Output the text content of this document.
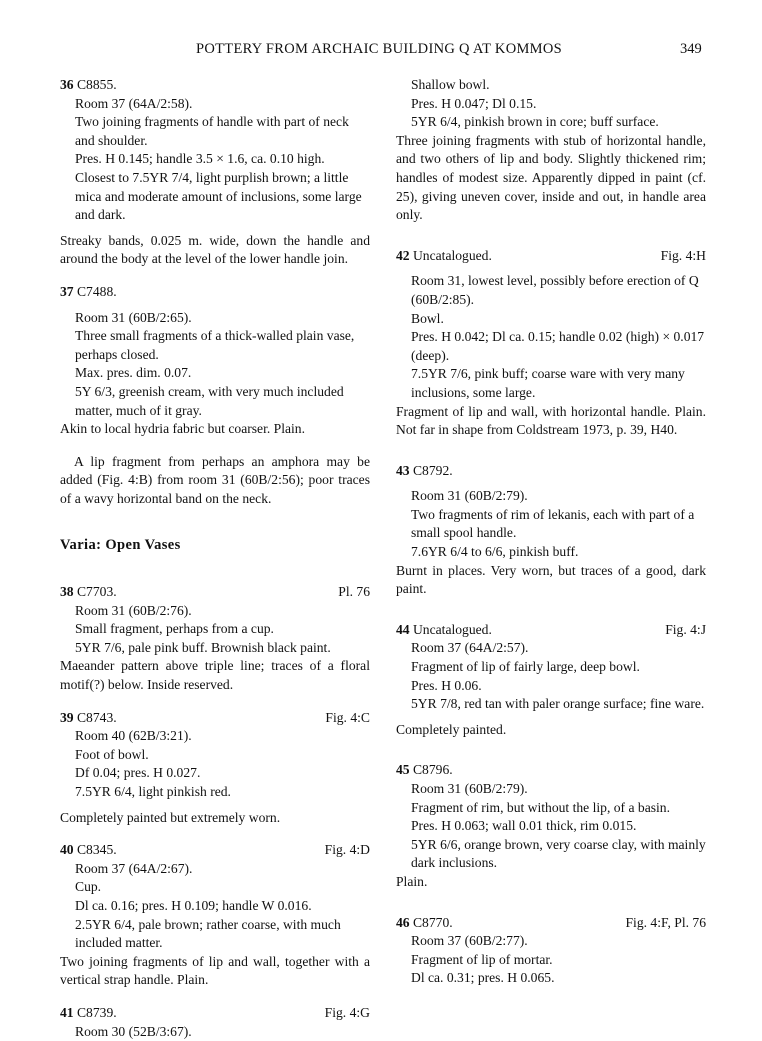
POTTERY FROM ARCHAIC BUILDING Q AT KOMMOS	349
36 C8855.
Room 37 (64A/2:58).
Two joining fragments of handle with part of neck and shoulder.
Pres. H 0.145; handle 3.5 × 1.6, ca. 0.10 high.
Closest to 7.5YR 7/4, light purplish brown; a little mica and moderate amount of inclusions, some large and dark.

Streaky bands, 0.025 m. wide, down the handle and around the body at the level of the lower handle join.

37 C7488.
Room 31 (60B/2:65).
Three small fragments of a thick-walled plain vase, perhaps closed.
Max. pres. dim. 0.07.
5Y 6/3, greenish cream, with very much included matter, much of it gray.

Akin to local hydria fabric but coarser. Plain.

A lip fragment from perhaps an amphora may be added (Fig. 4:B) from room 31 (60B/2:56); poor traces of a wavy horizontal band on the neck.

Varia: Open Vases
38 C7703.	Pl. 76
Room 31 (60B/2:76).
Small fragment, perhaps from a cup.
5YR 7/6, pale pink buff. Brownish black paint.

Maeander pattern above triple line; traces of a floral motif(?) below. Inside reserved.

39 C8743.	Fig. 4:C
Room 40 (62B/3:21).
Foot of bowl.
Df 0.04; pres. H 0.027.
7.5YR 6/4, light pinkish red.

Completely painted but extremely worn.

40 C8345.	Fig. 4:D
Room 37 (64A/2:67).
Cup.
Dl ca. 0.16; pres. H 0.109; handle W 0.016.
2.5YR 6/4, pale brown; rather coarse, with much included matter.

Two joining fragments of lip and wall, together with a vertical strap handle. Plain.

41 C8739.	Fig. 4:G
Room 30 (52B/3:67).
Shallow bowl.
Pres. H 0.047; Dl 0.15.
5YR 6/4, pinkish brown in core; buff surface.

Three joining fragments with stub of horizontal handle, and two others of lip and body. Slightly thickened rim; handles of modest size. Apparently dipped in paint (cf. 25), giving uneven cover, inside and out, in handle area only.

42 Uncatalogued.	Fig. 4:H
Room 31, lowest level, possibly before erection of Q (60B/2:85).
Bowl.
Pres. H 0.042; Dl ca. 0.15; handle 0.02 (high) × 0.017 (deep).
7.5YR 7/6, pink buff; coarse ware with very many inclusions, some large.

Fragment of lip and wall, with horizontal handle. Plain. Not far in shape from Coldstream 1973, p. 39, H40.

43 C8792.
Room 31 (60B/2:79).
Two fragments of rim of lekanis, each with part of a small spool handle.
7.6YR 6/4 to 6/6, pinkish buff.

Burnt in places. Very worn, but traces of a good, dark paint.

44 Uncatalogued.	Fig. 4:J
Room 37 (64A/2:57).
Fragment of lip of fairly large, deep bowl.
Pres. H 0.06.
5YR 7/8, red tan with paler orange surface; fine ware.

Completely painted.

45 C8796.
Room 31 (60B/2:79).
Fragment of rim, but without the lip, of a basin.
Pres. H 0.063; wall 0.01 thick, rim 0.015.
5YR 6/6, orange brown, very coarse clay, with mainly dark inclusions.

Plain.

46 C8770.	Fig. 4:F, Pl. 76
Room 37 (60B/2:77).
Fragment of lip of mortar.
Dl ca. 0.31; pres. H 0.065.
